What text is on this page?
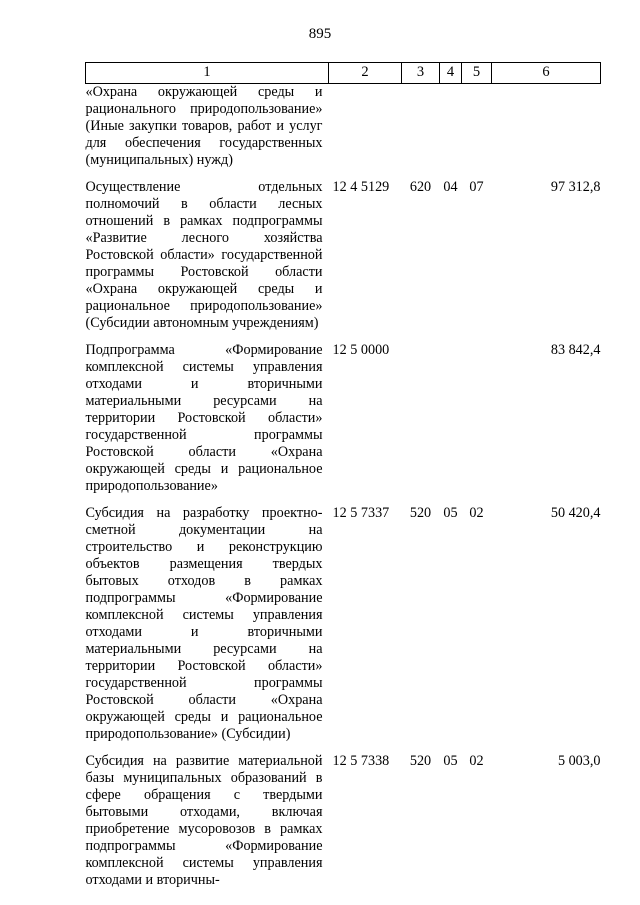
895
1	2	3	4	5	6

«Охрана окружающей среды и рационального природопользование» (Иные закупки товаров, работ и услуг для обеспечения государственных (муниципальных) нужд)					

Осуществление отдельных полномочий в области лесных отношений в рамках подпрограммы «Развитие лесного хозяйства Ростовской области» государственной программы Ростовской области «Охрана окружающей среды и рациональное природопользование» (Субсидии автономным учреждениям)	12 4 5129	620	04	07	97 312,8

Подпрограмма «Формирование комплексной системы управления отходами и вторичными материальными ресурсами на территории Ростовской области» государственной программы Ростовской области «Охрана окружающей среды и рациональное природопользование»	12 5 0000				83 842,4

Субсидия на разработку проектно-сметной документации на строительство и реконструкцию объектов размещения твердых бытовых отходов в рамках подпрограммы «Формирование комплексной системы управления отходами и вторичными материальными ресурсами на территории Ростовской области» государственной программы Ростовской области «Охрана окружающей среды и рациональное природопользование» (Субсидии)	12 5 7337	520	05	02	50 420,4

Субсидия на развитие материальной базы муниципальных образований в сфере обращения с твердыми бытовыми отходами, включая приобретение мусоровозов в рамках подпрограммы «Формирование комплексной системы управления отходами и вторичны-	12 5 7338	520	05	02	5 003,0
